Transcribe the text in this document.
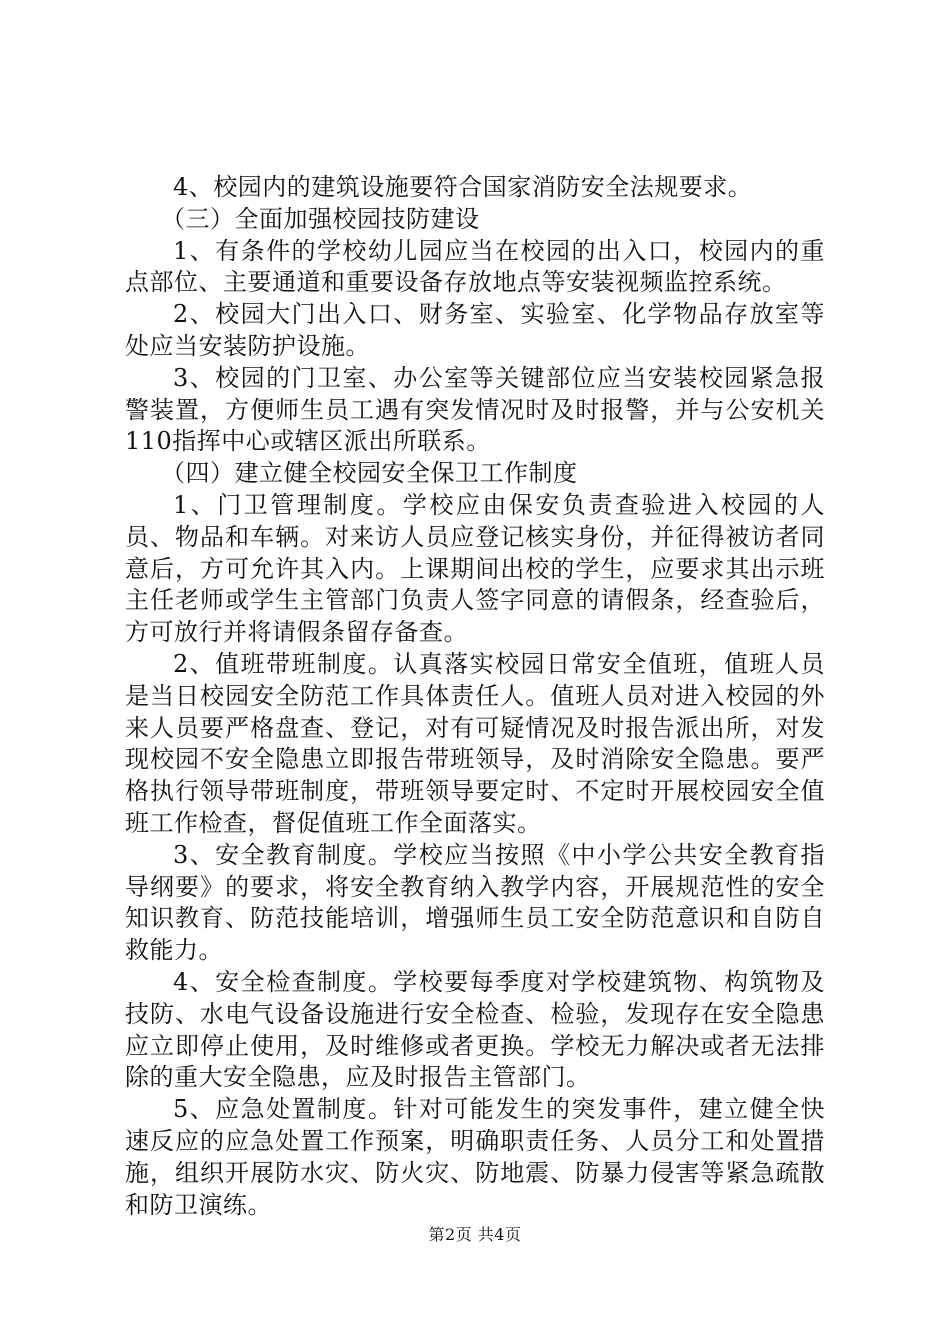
4、校园内的建筑设施要符合国家消防安全法规要求。

（三）全面加强校园技防建设

1、有条件的学校幼儿园应当在校园的出入口，校园内的重点部位、主要通道和重要设备存放地点等安装视频监控系统。

2、校园大门出入口、财务室、实验室、化学物品存放室等处应当安装防护设施。

3、校园的门卫室、办公室等关键部位应当安装校园紧急报警装置，方便师生员工遇有突发情况时及时报警，并与公安机关110指挥中心或辖区派出所联系。

（四）建立健全校园安全保卫工作制度

1、门卫管理制度。学校应由保安负责查验进入校园的人员、物品和车辆。对来访人员应登记核实身份，并征得被访者同意后，方可允许其入内。上课期间出校的学生，应要求其出示班主任老师或学生主管部门负责人签字同意的请假条，经查验后，方可放行并将请假条留存备查。

2、值班带班制度。认真落实校园日常安全值班，值班人员是当日校园安全防范工作具体责任人。值班人员对进入校园的外来人员要严格盘查、登记，对有可疑情况及时报告派出所，对发现校园不安全隐患立即报告带班领导，及时消除安全隐患。要严格执行领导带班制度，带班领导要定时、不定时开展校园安全值班工作检查，督促值班工作全面落实。

3、安全教育制度。学校应当按照《中小学公共安全教育指导纲要》的要求，将安全教育纳入教学内容，开展规范性的安全知识教育、防范技能培训，增强师生员工安全防范意识和自防自救能力。

4、安全检查制度。学校要每季度对学校建筑物、构筑物及技防、水电气设备设施进行安全检查、检验，发现存在安全隐患应立即停止使用，及时维修或者更换。学校无力解决或者无法排除的重大安全隐患，应及时报告主管部门。

5、应急处置制度。针对可能发生的突发事件，建立健全快速反应的应急处置工作预案，明确职责任务、人员分工和处置措施，组织开展防水灾、防火灾、防地震、防暴力侵害等紧急疏散和防卫演练。

第2页 共4页
